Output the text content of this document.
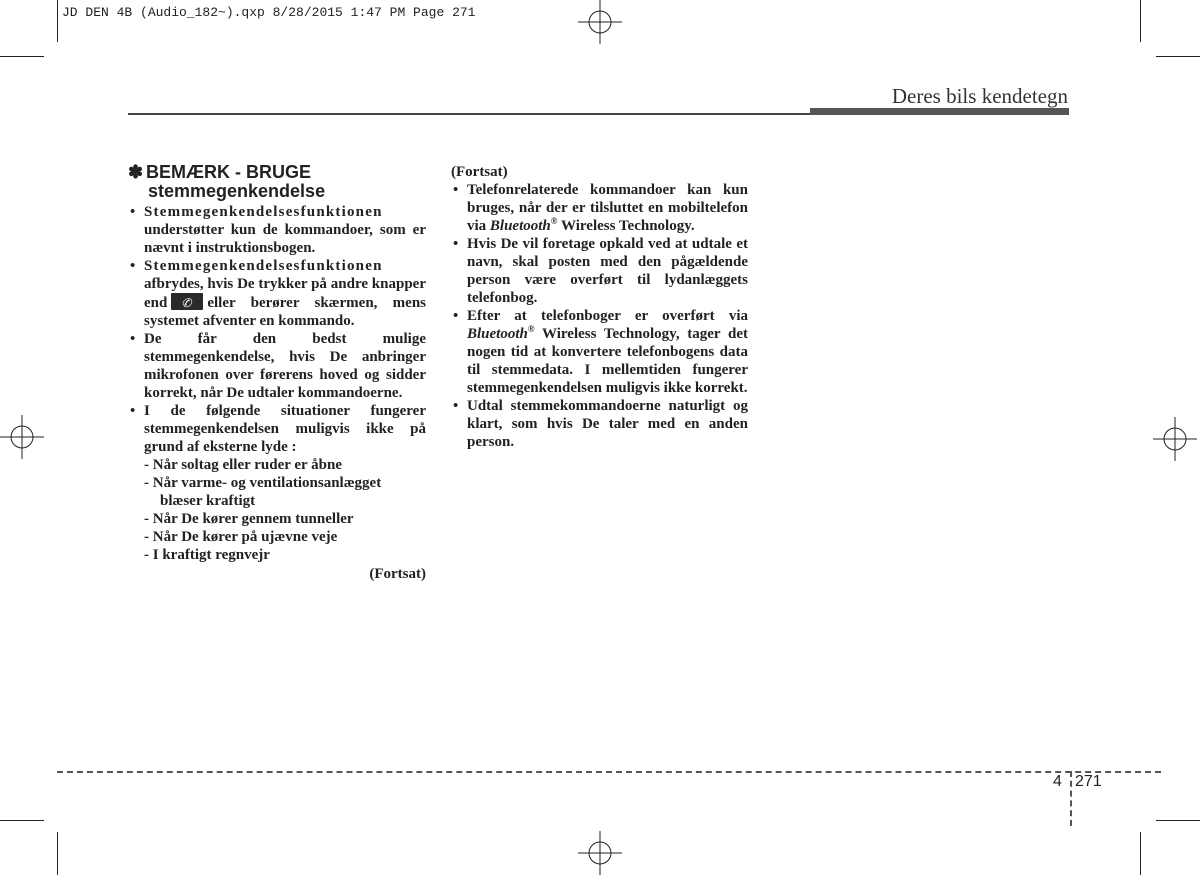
JD DEN 4B (Audio_182~).qxp 8/28/2015 1:47 PM Page 271
Deres bils kendetegn
✽ BEMÆRK - BRUGE
stemmegenkendelse
• Stemmegenkendelsesfunktionen understøtter kun de kommandoer, som er nævnt i instruktionsbogen.
• Stemmegenkendelsesfunktionen afbrydes, hvis De trykker på andre knapper end ✆ eller berører skærmen, mens systemet afventer en kommando.
• De får den bedst mulige stemmegenkendelse, hvis De anbringer mikrofonen over førerens hoved og sidder korrekt, når De udtaler kommandoerne.
• I de følgende situationer fungerer stemmegenkendelsen muligvis ikke på grund af eksterne lyde :
- Når soltag eller ruder er åbne
- Når varme- og ventilationsanlægget
blæser kraftigt
- Når De kører gennem tunneller
- Når De kører på ujævne veje
- I kraftigt regnvejr
(Fortsat)
(Fortsat)
• Telefonrelaterede kommandoer kan kun bruges, når der er tilsluttet en mobiltelefon via Bluetooth® Wireless Technology.
• Hvis De vil foretage opkald ved at udtale et navn, skal posten med den pågældende person være overført til lydanlæggets telefonbog.
• Efter at telefonboger er overført via Bluetooth® Wireless Technology, tager det nogen tid at konvertere telefonbogens data til stemmedata. I mellemtiden fungerer stemmegenkendelsen muligvis ikke korrekt.
• Udtal stemmekommandoerne naturligt og klart, som hvis De taler med en anden person.
4 271
